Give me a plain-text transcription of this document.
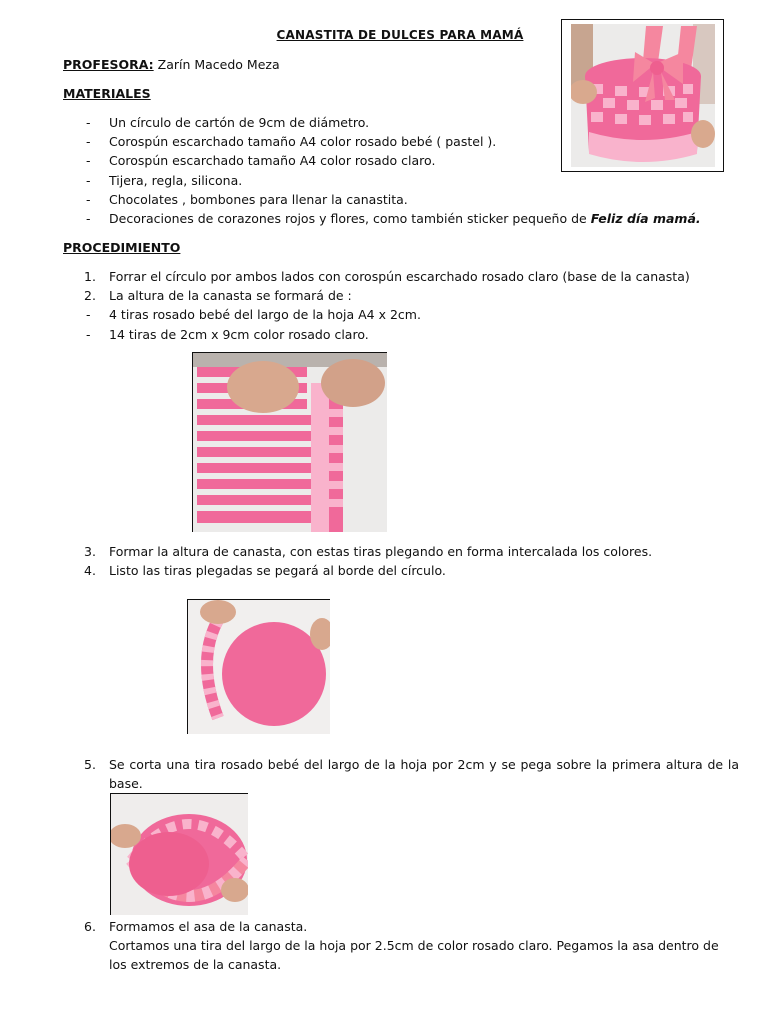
CANASTITA DE DULCES PARA MAMÁ
PROFESORA: Zarín Macedo Meza
MATERIALES
- Un círculo de cartón de 9cm de diámetro.
- Corospún escarchado tamaño A4 color rosado bebé ( pastel ).
- Corospún escarchado tamaño A4 color rosado claro.
- Tijera, regla, silicona.
- Chocolates , bombones para llenar la canastita.
- Decoraciones de corazones rojos y flores, como también sticker pequeño de Feliz día mamá.
PROCEDIMIENTO
1. Forrar el círculo por ambos lados con corospún escarchado rosado claro (base de la canasta)
2. La altura de la canasta se formará de :
- 4 tiras rosado bebé del largo de la hoja A4 x 2cm.
- 14 tiras de 2cm x 9cm color rosado claro.
3. Formar la altura de canasta, con estas tiras plegando en forma intercalada los colores.
4. Listo las tiras plegadas se pegará al borde del círculo.
5. Se corta una tira rosado bebé del largo de la hoja por 2cm y se pega sobre la primera altura de la base.
6. Formamos el asa de la canasta.
Cortamos una tira del largo de la hoja por 2.5cm de color rosado claro. Pegamos la asa dentro de los extremos de la canasta.
